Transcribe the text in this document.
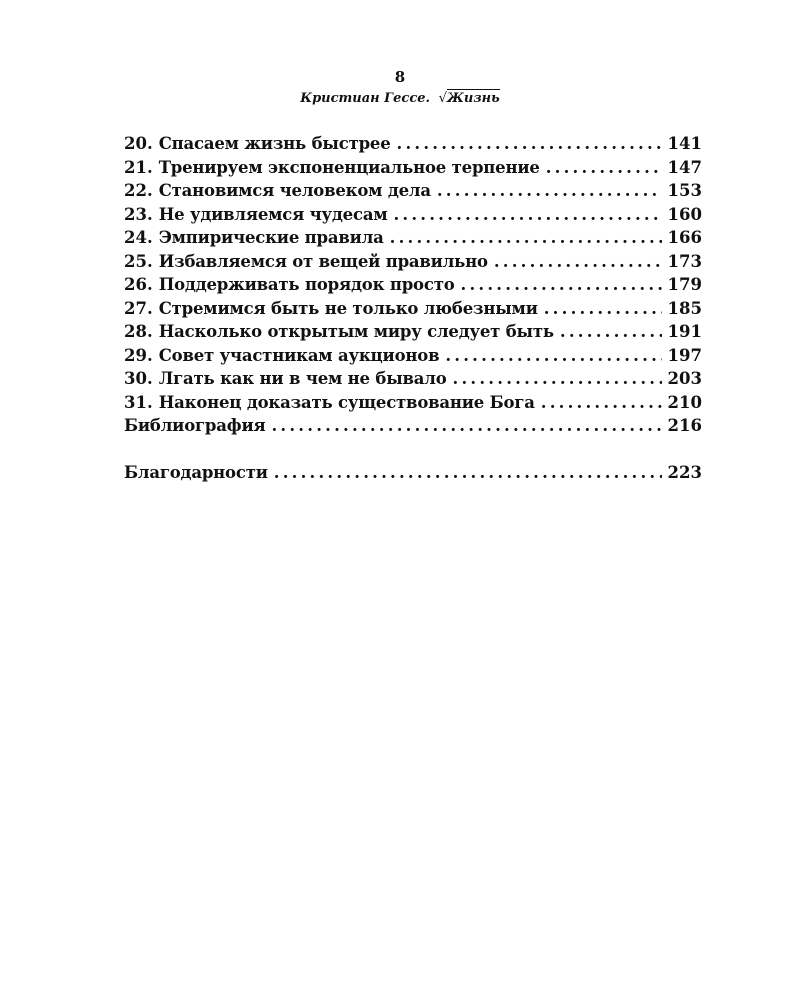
8
Кристиан Гессе. √Жизнь
20. Спасаем жизнь быстрее .....	141
21. Тренируем экспоненциальное терпение .....	147
22. Становимся человеком дела .....	153
23. Не удивляемся чудесам .....	160
24. Эмпирические правила .....	166
25. Избавляемся от вещей правильно .....	173
26. Поддерживать порядок просто .....	179
27. Стремимся быть не только любезными .....	185
28. Насколько открытым миру следует быть .....	191
29. Совет участникам аукционов .....	197
30. Лгать как ни в чем не бывало .....	203
31. Наконец доказать существование Бога .....	210
Библиография .....	216
Благодарности .....	223
